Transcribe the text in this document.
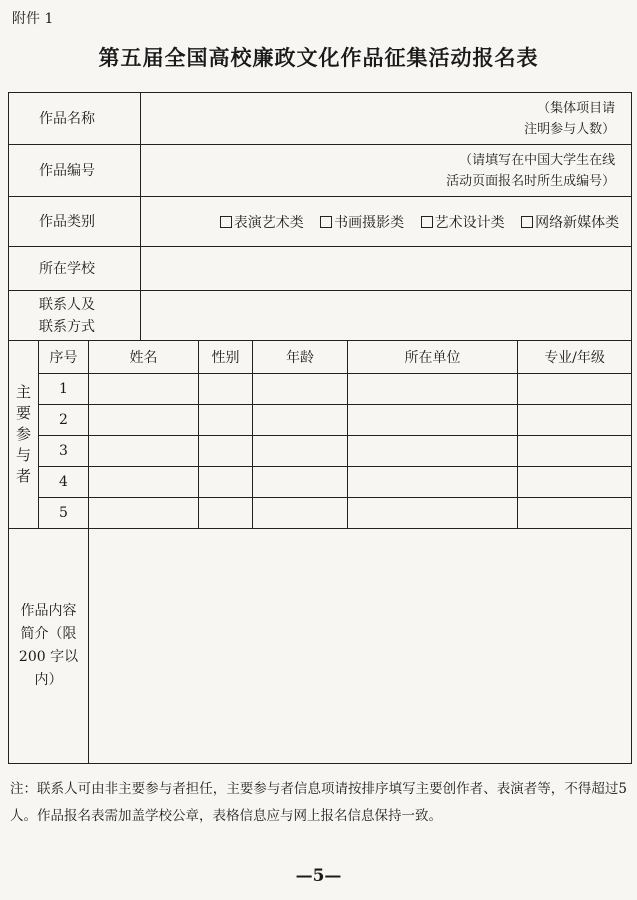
附件 1
第五届全国高校廉政文化作品征集活动报名表
作品名称			（集体项目请
注明参与人数）				

作品编号			（请填写在中国大学生在线
活动页面报名时所生成编号）				

作品类别			表演艺术类 书画摄影类 艺术设计类 网络新媒体类				
所在学校							

联系人及
联系方式							

主
要
参
与
者	序号	姓名		性别	年龄	所在单位	专业/年级
	1						
	2						
	3						
	4						
	5						

作品内容
简介（限
200 字以
内）							

注：联系人可由非主要参与者担任，主要参与者信息项请按排序填写主要创作者、表演者等，不得超过5人。作品报名表需加盖学校公章，表格信息应与网上报名信息保持一致。
—5—
